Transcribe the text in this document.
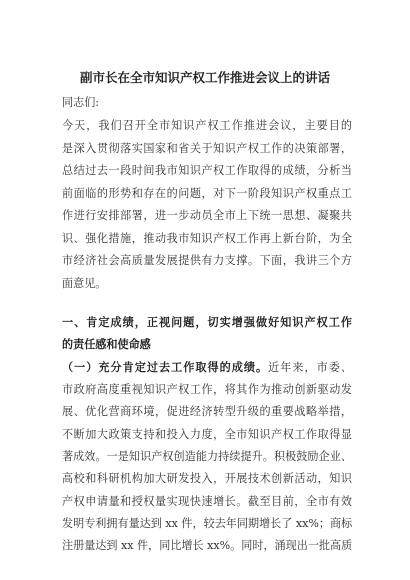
副市长在全市知识产权工作推进会议上的讲话
同志们:
今天，我们召开全市知识产权工作推进会议，主要目的
是深入贯彻落实国家和省关于知识产权工作的决策部署，
总结过去一段时间我市知识产权工作取得的成绩，分析当
前面临的形势和存在的问题，对下一阶段知识产权重点工
作进行安排部署，进一步动员全市上下统一思想、凝聚共
识、强化措施，推动我市知识产权工作再上新台阶，为全
市经济社会高质量发展提供有力支撑。下面，我讲三个方
面意见。
一、肯定成绩，正视问题，切实增强做好知识产权工作
的责任感和使命感
（一）充分肯定过去工作取得的成绩。近年来，市委、
市政府高度重视知识产权工作，将其作为推动创新驱动发
展、优化营商环境，促进经济转型升级的重要战略举措，
不断加大政策支持和投入力度，全市知识产权工作取得显
著成效。一是知识产权创造能力持续提升。积极鼓励企业、
高校和科研机构加大研发投入，开展技术创新活动，知识
产权申请量和授权量实现快速增长。截至目前，全市有效
发明专利拥有量达到 xx 件，较去年同期增长了 xx%；商标
注册量达到 xx 件，同比增长 xx%。同时，涌现出一批高质
